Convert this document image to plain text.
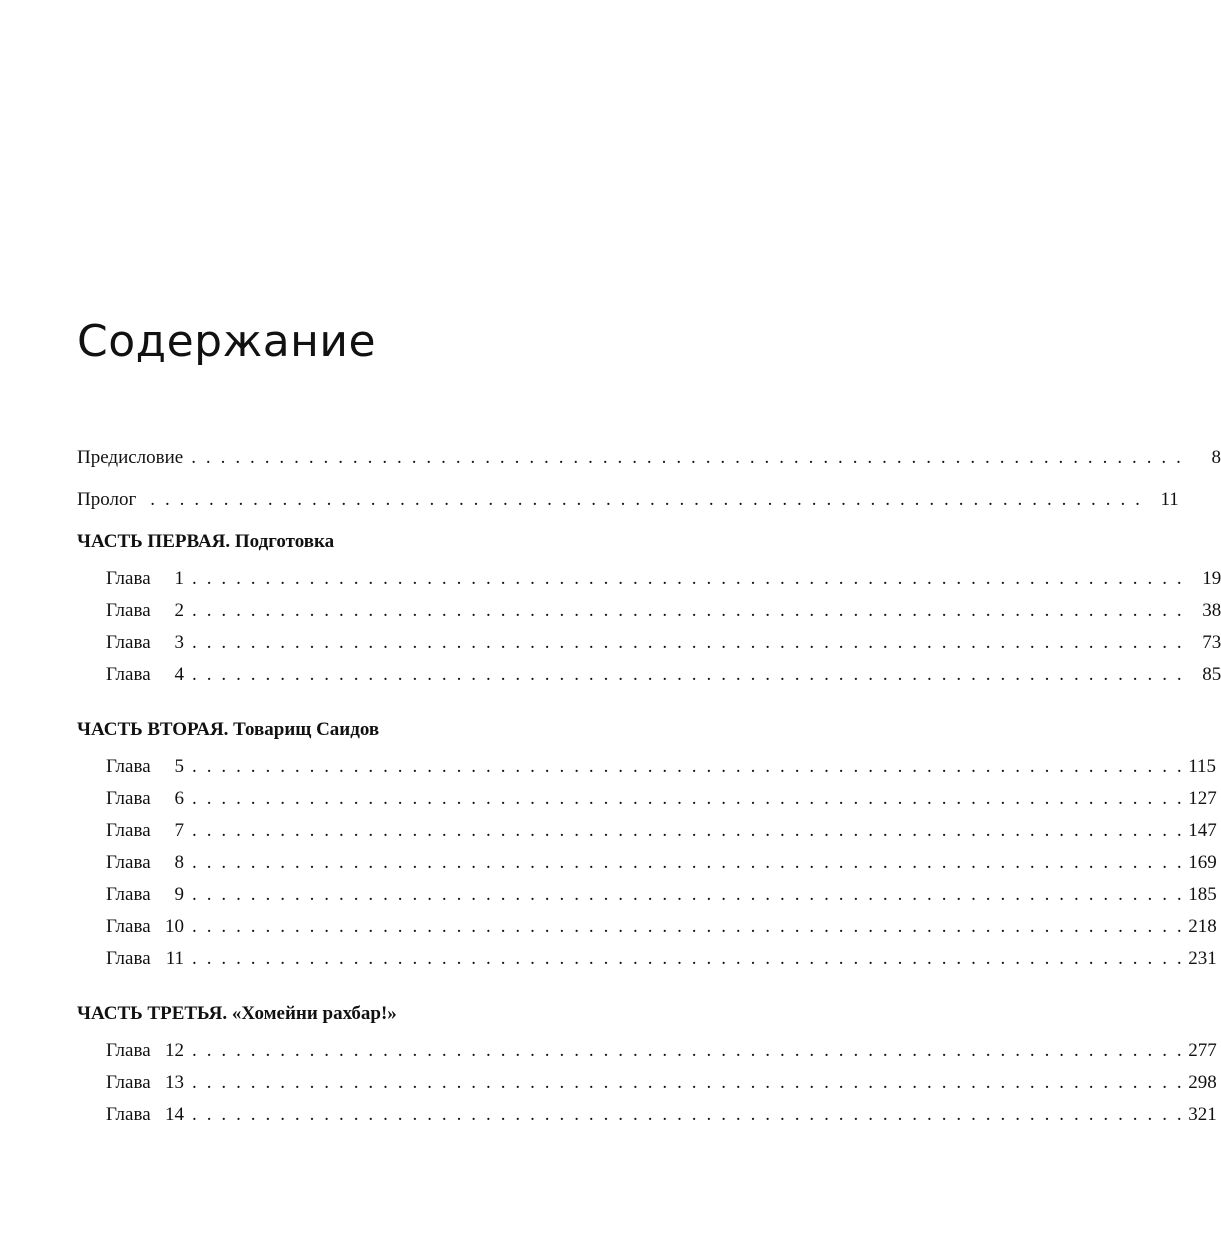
Содержание
Предисловие . . . . . . . . . . . . . . . . . . . . . . . . . . . . . . . . . . . . . . . . . . . . . . . . . . . . . . . . . . . . . . . . . . . .	8
Пролог . . . . . . . . . . . . . . . . . . . . . . . . . . . . . . . . . . . . . . . . . . . . . . . . . . . . . . . . . . . . . . . . . . . . 11
ЧАСТЬ ПЕРВАЯ. Подготовка
Глава 1 . . . . . . . . . . . . . . . . . . . . . . . . . . . . . . . . . . . . . . . . . . . . . . . . . . . . . . . . . . . . . . . . . . . . 19
Глава 2 . . . . . . . . . . . . . . . . . . . . . . . . . . . . . . . . . . . . . . . . . . . . . . . . . . . . . . . . . . . . . . . . . . . . 38
Глава 3 . . . . . . . . . . . . . . . . . . . . . . . . . . . . . . . . . . . . . . . . . . . . . . . . . . . . . . . . . . . . . . . . . . . . 73
Глава 4 . . . . . . . . . . . . . . . . . . . . . . . . . . . . . . . . . . . . . . . . . . . . . . . . . . . . . . . . . . . . . . . . . . . . 85
ЧАСТЬ ВТОРАЯ. Товарищ Саидов
Глава 5 . . . . . . . . . . . . . . . . . . . . . . . . . . . . . . . . . . . . . . . . . . . . . . . . . . . . . . . . . . . . . . . . . . . . 115
Глава 6 . . . . . . . . . . . . . . . . . . . . . . . . . . . . . . . . . . . . . . . . . . . . . . . . . . . . . . . . . . . . . . . . . . . . 127
Глава 7 . . . . . . . . . . . . . . . . . . . . . . . . . . . . . . . . . . . . . . . . . . . . . . . . . . . . . . . . . . . . . . . . . . . . 147
Глава 8 . . . . . . . . . . . . . . . . . . . . . . . . . . . . . . . . . . . . . . . . . . . . . . . . . . . . . . . . . . . . . . . . . . . . 169
Глава 9 . . . . . . . . . . . . . . . . . . . . . . . . . . . . . . . . . . . . . . . . . . . . . . . . . . . . . . . . . . . . . . . . . . . . 185
Глава 10 . . . . . . . . . . . . . . . . . . . . . . . . . . . . . . . . . . . . . . . . . . . . . . . . . . . . . . . . . . . . . . . . . . . . 218
Глава 11 . . . . . . . . . . . . . . . . . . . . . . . . . . . . . . . . . . . . . . . . . . . . . . . . . . . . . . . . . . . . . . . . . . . . 231
ЧАСТЬ ТРЕТЬЯ. «Хомейни рахбар!»
Глава 12 . . . . . . . . . . . . . . . . . . . . . . . . . . . . . . . . . . . . . . . . . . . . . . . . . . . . . . . . . . . . . . . . . . . . 277
Глава 13 . . . . . . . . . . . . . . . . . . . . . . . . . . . . . . . . . . . . . . . . . . . . . . . . . . . . . . . . . . . . . . . . . . . . 298
Глава 14 . . . . . . . . . . . . . . . . . . . . . . . . . . . . . . . . . . . . . . . . . . . . . . . . . . . . . . . . . . . . . . . . . . . . 321
